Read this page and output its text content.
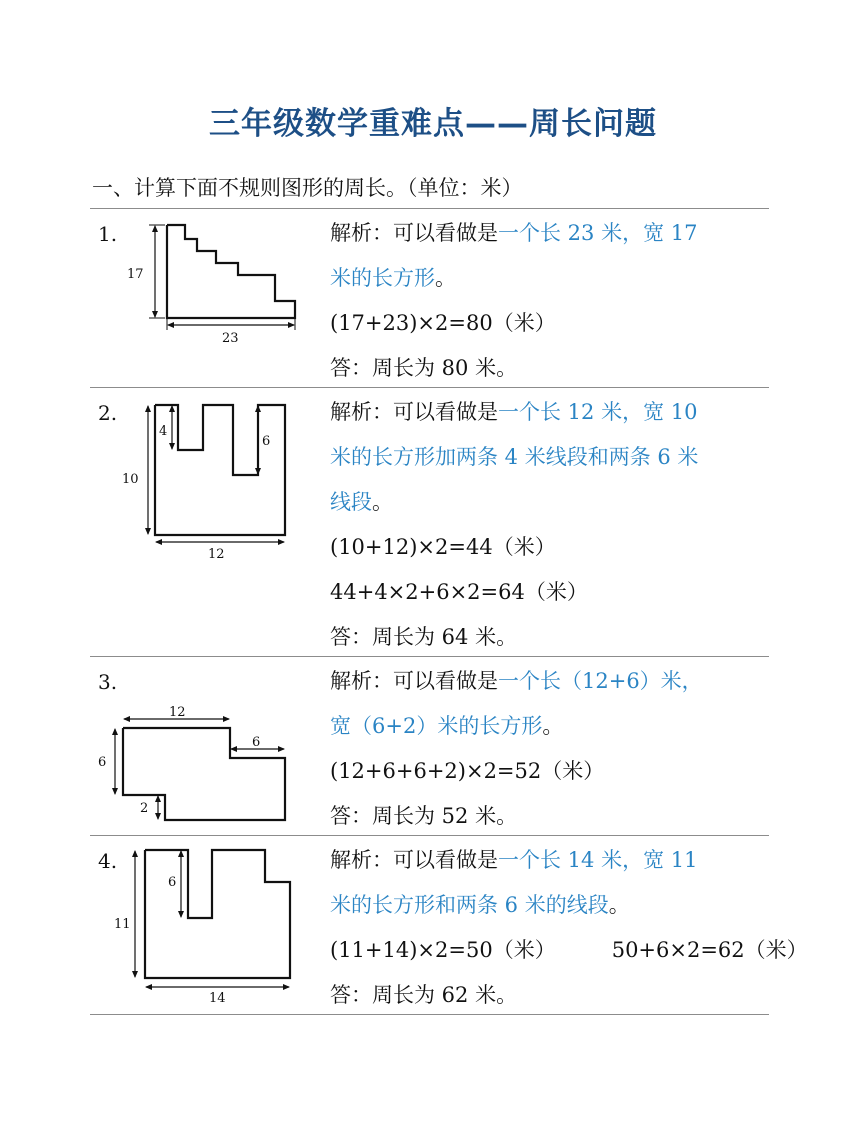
三年级数学重难点——周长问题
一、计算下面不规则图形的周长。（单位：米）
1.
17
23
解析：可以看做是一个长 23 米，宽 17
米的长方形。
(17+23)×2=80（米）
答：周长为 80 米。
2.
10
4
6
12
解析：可以看做是一个长 12 米，宽 10
米的长方形加两条 4 米线段和两条 6 米
线段。
(10+12)×2=44（米）
44+4×2+6×2=64（米）
答：周长为 64 米。
3.
12
6
6
2
解析：可以看做是一个长（12+6）米，
宽（6+2）米的长方形。
(12+6+6+2)×2=52（米）
答：周长为 52 米。
4.
11
6
14
解析：可以看做是一个长 14 米，宽 11
米的长方形和两条 6 米的线段。
(11+14)×2=50（米）	50+6×2=62（米）
答：周长为 62 米。
